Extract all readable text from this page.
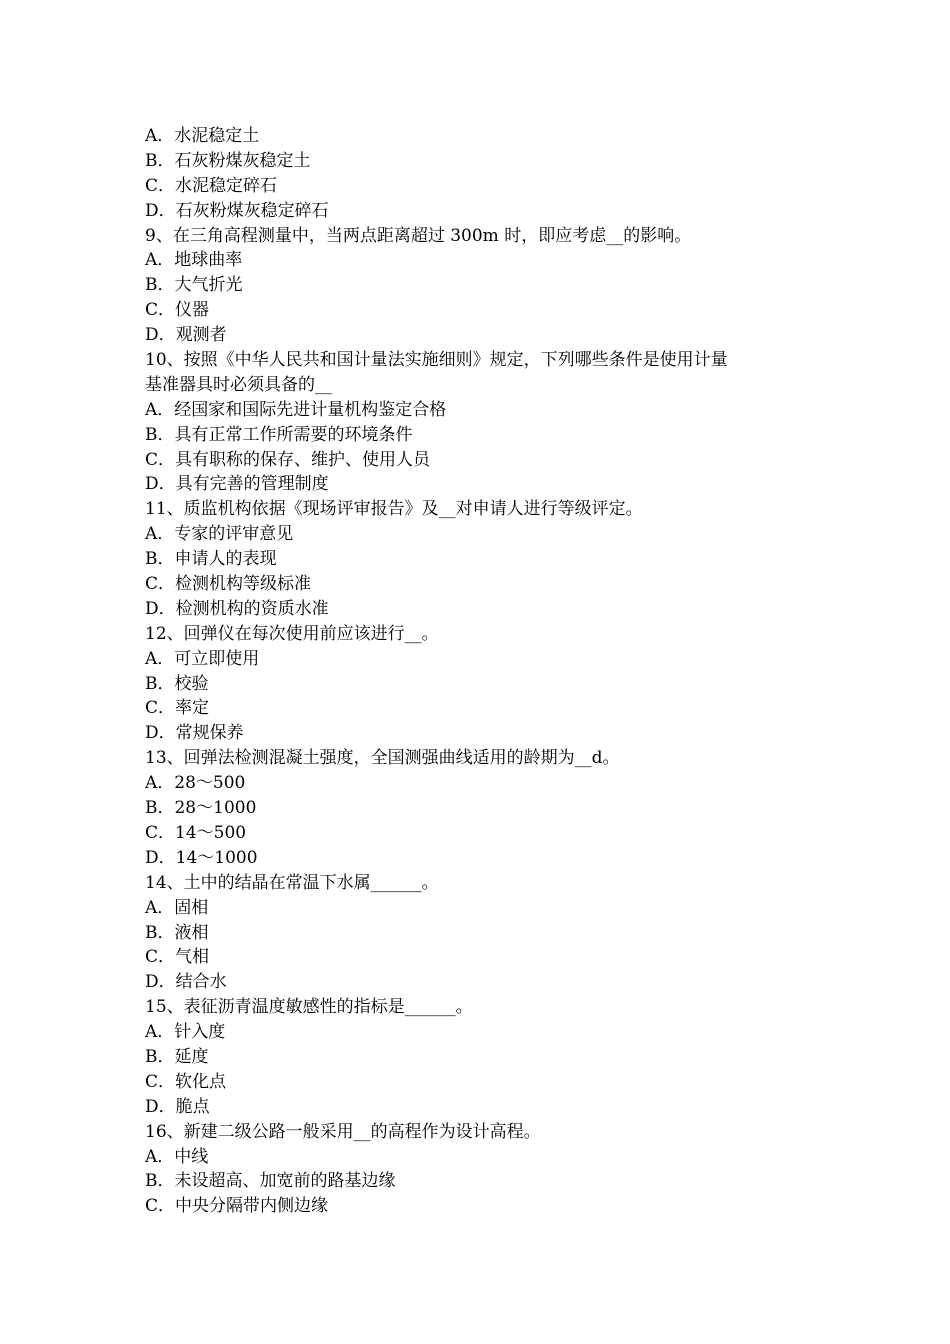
A．水泥稳定土
B．石灰粉煤灰稳定土
C．水泥稳定碎石
D．石灰粉煤灰稳定碎石
9、在三角高程测量中，当两点距离超过 300m 时，即应考虑__的影响。
A．地球曲率
B．大气折光
C．仪器
D．观测者
10、按照《中华人民共和国计量法实施细则》规定，下列哪些条件是使用计量
基准器具时必须具备的__
A．经国家和国际先进计量机构鉴定合格
B．具有正常工作所需要的环境条件
C．具有职称的保存、维护、使用人员
D．具有完善的管理制度
11、质监机构依据《现场评审报告》及__对申请人进行等级评定。
A．专家的评审意见
B．申请人的表现
C．检测机构等级标准
D．检测机构的资质水准
12、回弹仪在每次使用前应该进行__。
A．可立即使用
B．校验
C．率定
D．常规保养
13、回弹法检测混凝土强度，全国测强曲线适用的龄期为__d。
A．28～500
B．28～1000
C．14～500
D．14～1000
14、土中的结晶在常温下水属______。
A．固相
B．液相
C．气相
D．结合水
15、表征沥青温度敏感性的指标是______。
A．针入度
B．延度
C．软化点
D．脆点
16、新建二级公路一般采用__的高程作为设计高程。
A．中线
B．未设超高、加宽前的路基边缘
C．中央分隔带内侧边缘
